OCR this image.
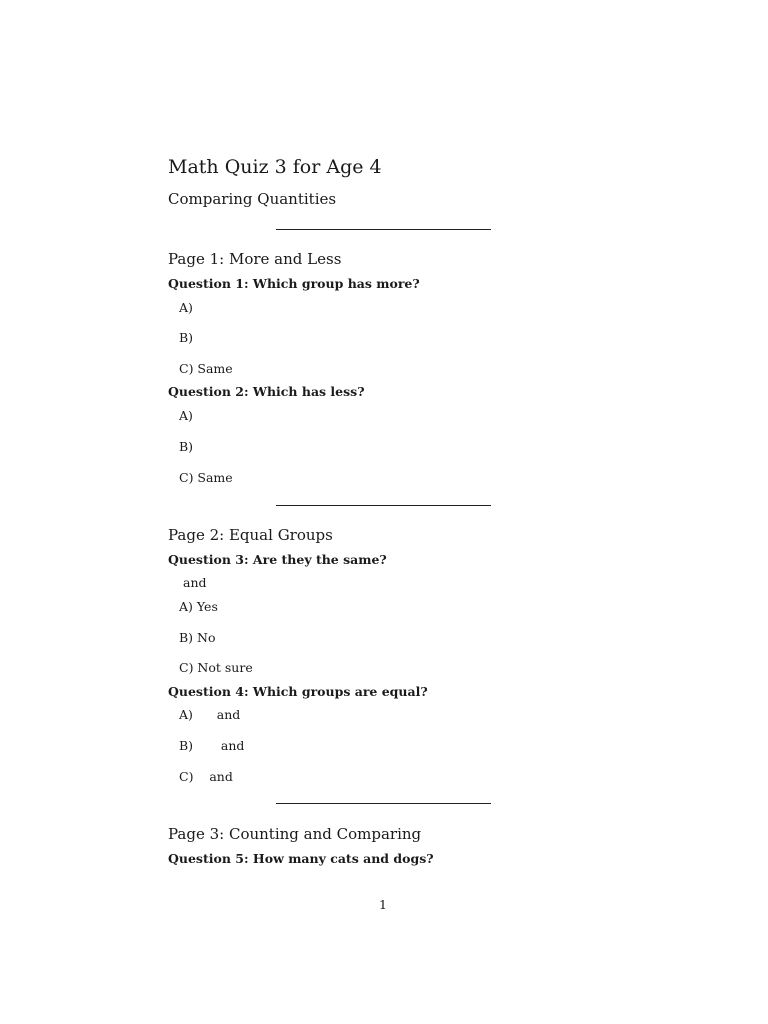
Math Quiz 3 for Age 4
Comparing Quantities
Page 1: More and Less
Question 1: Which group has more?
A)
B)
C) Same
Question 2: Which has less?
A)
B)
C) Same
Page 2: Equal Groups
Question 3: Are they the same?
and
A) Yes
B) No
C) Not sure
Question 4: Which groups are equal?
A)      and
B)       and
C)    and
Page 3: Counting and Comparing
Question 5: How many cats and dogs?
1
